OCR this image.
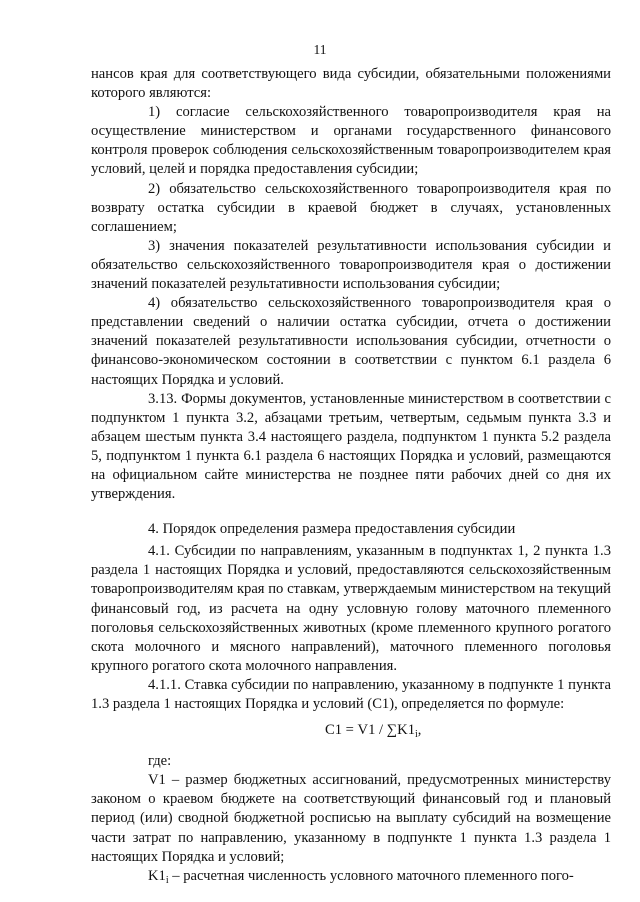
11

нансов края для соответствующего вида субсидии, обязательными положениями которого являются:

1) согласие сельскохозяйственного товаропроизводителя края на осуществление министерством и органами государственного финансового контроля проверок соблюдения сельскохозяйственным товаропроизводителем края условий, целей и порядка предоставления субсидии;

2) обязательство сельскохозяйственного товаропроизводителя края по возврату остатка субсидии в краевой бюджет в случаях, установленных соглашением;

3) значения показателей результативности использования субсидии и обязательство сельскохозяйственного товаропроизводителя края о достижении значений показателей результативности использования субсидии;

4) обязательство сельскохозяйственного товаропроизводителя края о представлении сведений о наличии остатка субсидии, отчета о достижении значений показателей результативности использования субсидии, отчетности о финансово-экономическом состоянии в соответствии с пунктом 6.1 раздела 6 настоящих Порядка и условий.

3.13. Формы документов, установленные министерством в соответствии с подпунктом 1 пункта 3.2, абзацами третьим, четвертым, седьмым пункта 3.3 и абзацем шестым пункта 3.4 настоящего раздела, подпунктом 1 пункта 5.2 раздела 5, подпунктом 1 пункта 6.1 раздела 6 настоящих Порядка и условий, размещаются на официальном сайте министерства не позднее пяти рабочих дней со дня их утверждения.

4. Порядок определения размера предоставления субсидии

4.1. Субсидии по направлениям, указанным в подпунктах 1, 2 пункта 1.3 раздела 1 настоящих Порядка и условий, предоставляются сельскохозяйственным товаропроизводителям края по ставкам, утверждаемым министерством на текущий финансовый год, из расчета на одну условную голову маточного племенного поголовья сельскохозяйственных животных (кроме племенного крупного рогатого скота молочного и мясного направлений), маточного племенного поголовья крупного рогатого скота молочного направления.

4.1.1. Ставка субсидии по направлению, указанному в подпункте 1 пункта 1.3 раздела 1 настоящих Порядка и условий (С1), определяется по формуле:

$С1 = V1 / \sum K1_i$,

где:

V1 – размер бюджетных ассигнований, предусмотренных министерству законом о краевом бюджете на соответствующий финансовый год и плановый период (или) сводной бюджетной росписью на выплату субсидий на возмещение части затрат по направлению, указанному в подпункте 1 пункта 1.3 раздела 1 настоящих Порядка и условий;

$K1_i$ – расчетная численность условного маточного племенного пого-
